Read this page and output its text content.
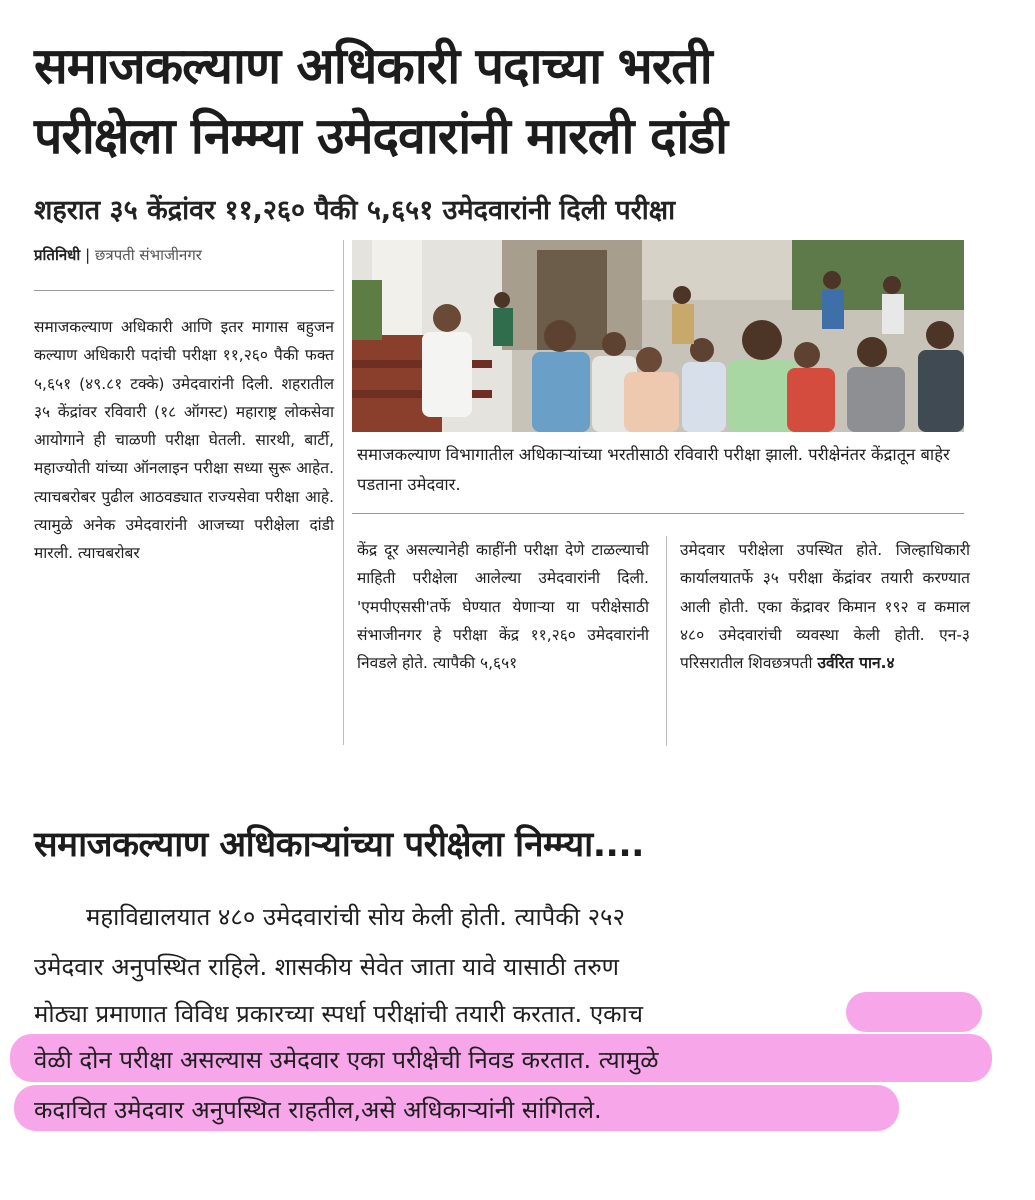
समाजकल्याण अधिकारी पदाच्या भरती
परीक्षेला निम्म्या उमेदवारांनी मारली दांडी
शहरात ३५ केंद्रांवर ११,२६० पैकी ५,६५१ उमेदवारांनी दिली परीक्षा
प्रतिनिधी | छत्रपती संभाजीनगर
समाजकल्याण अधिकारी आणि इतर मागास बहुजन कल्याण अधिकारी पदांची परीक्षा ११,२६० पैकी फक्त ५,६५१ (४९.८१ टक्के) उमेदवारांनी दिली. शहरातील ३५ केंद्रांवर रविवारी (१८ ऑगस्ट) महाराष्ट्र लोकसेवा आयोगाने ही चाळणी परीक्षा घेतली. सारथी, बार्टी, महाज्योती यांच्या ऑनलाइन परीक्षा सध्या सुरू आहेत. त्याचबरोबर पुढील आठवड्यात राज्यसेवा परीक्षा आहे. त्यामुळे अनेक उमेदवारांनी आजच्या परीक्षेला दांडी मारली. त्याचबरोबर
समाजकल्याण विभागातील अधिकाऱ्यांच्या भरतीसाठी रविवारी परीक्षा झाली. परीक्षेनंतर केंद्रातून बाहेर पडताना उमेदवार.
केंद्र दूर असल्यानेही काहींनी परीक्षा देणे टाळल्याची माहिती परीक्षेला आलेल्या उमेदवारांनी दिली. 'एमपीएससी'तर्फे घेण्यात येणाऱ्या या परीक्षेसाठी संभाजीनगर हे परीक्षा केंद्र ११,२६० उमेदवारांनी निवडले होते. त्यापैकी ५,६५१
उमेदवार परीक्षेला उपस्थित होते. जिल्हाधिकारी कार्यालयातर्फे ३५ परीक्षा केंद्रांवर तयारी करण्यात आली होती. एका केंद्रावर किमान १९२ व कमाल ४८० उमेदवारांची व्यवस्था केली होती. एन-३ परिसरातील शिवछत्रपती उर्वरित पान.४
समाजकल्याण अधिकाऱ्यांच्या परीक्षेला निम्म्या....
महाविद्यालयात ४८० उमेदवारांची सोय केली होती. त्यापैकी २५२
उमेदवार अनुपस्थित राहिले. शासकीय सेवेत जाता यावे यासाठी तरुण
मोठ्या प्रमाणात विविध प्रकारच्या स्पर्धा परीक्षांची तयारी करतात. एकाच
वेळी दोन परीक्षा असल्यास उमेदवार एका परीक्षेची निवड करतात. त्यामुळे
कदाचित उमेदवार अनुपस्थित राहतील,असे अधिकाऱ्यांनी सांगितले.
